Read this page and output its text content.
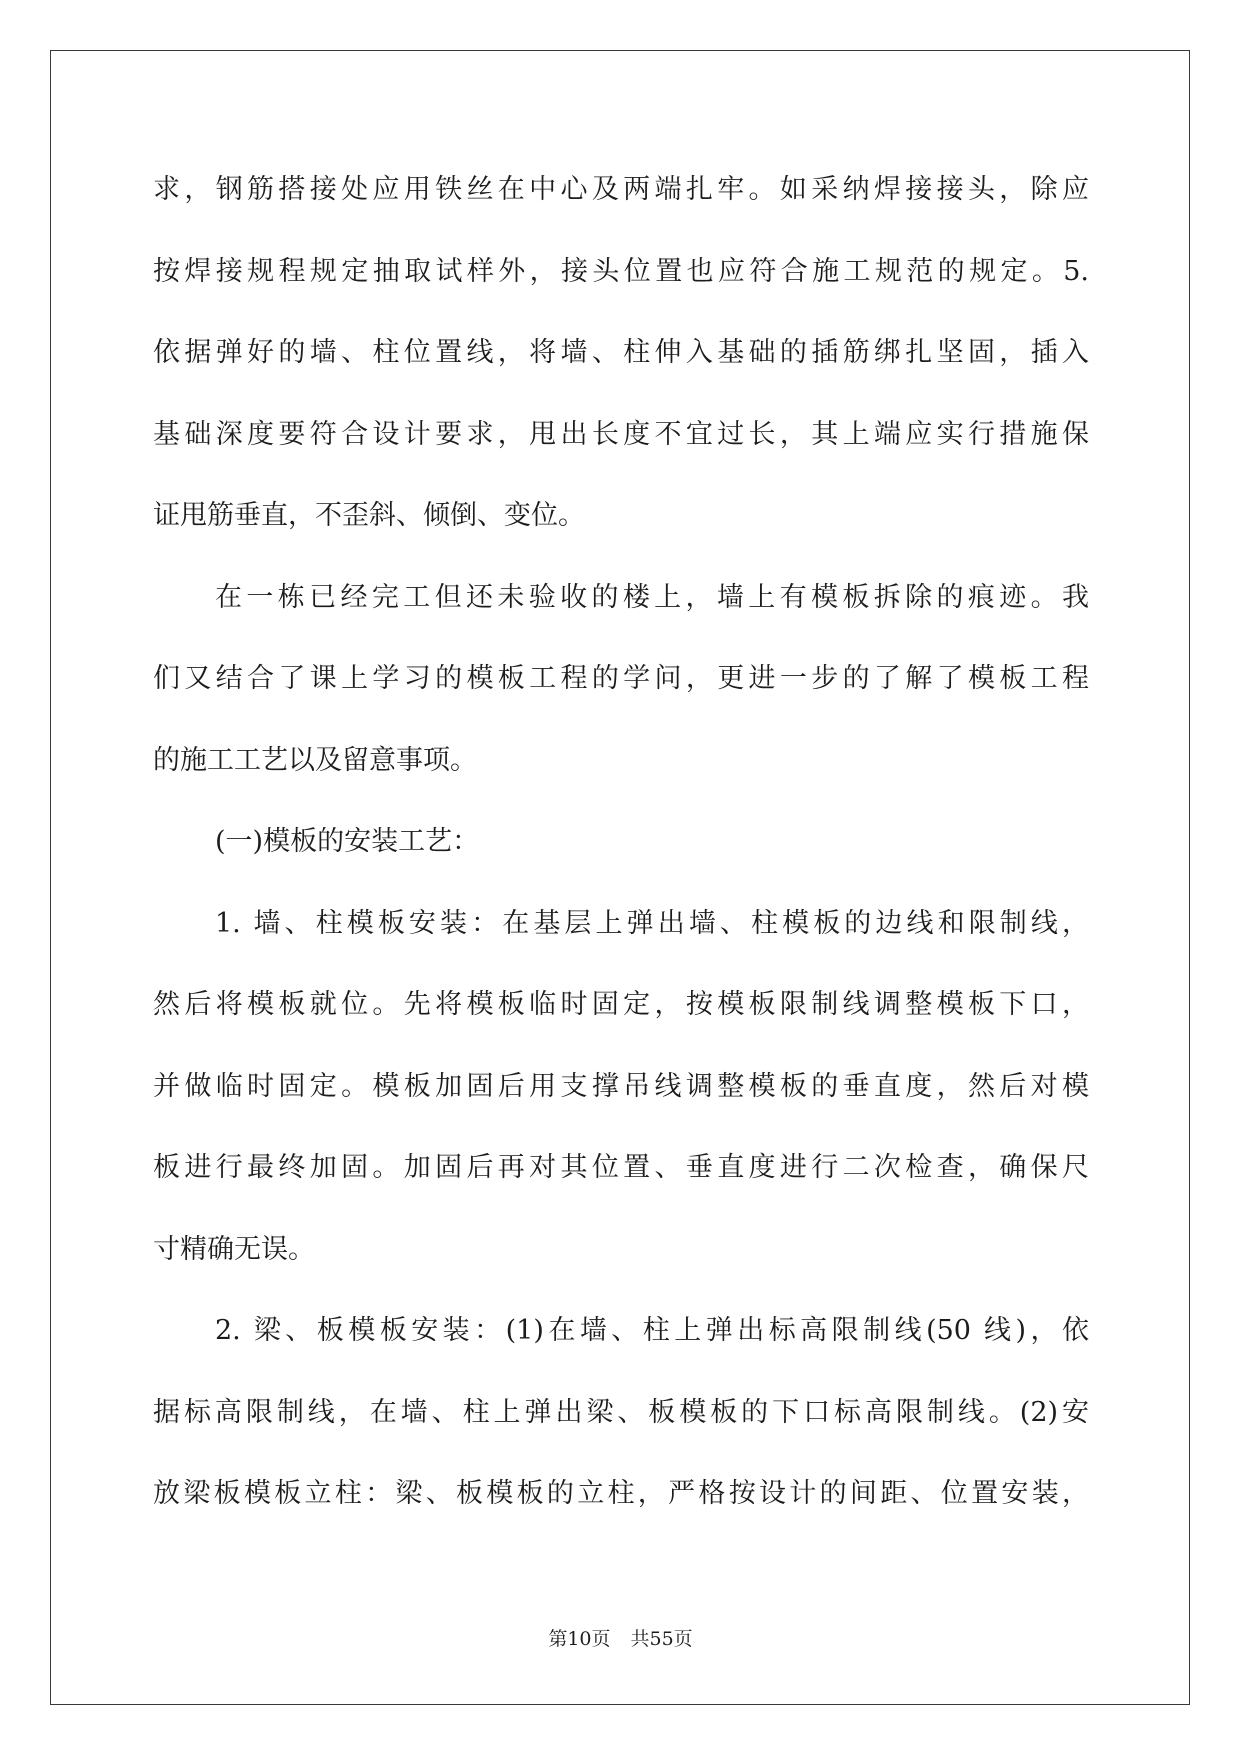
求，钢筋搭接处应用铁丝在中心及两端扎牢。如采纳焊接接头，除应
按焊接规程规定抽取试样外，接头位置也应符合施工规范的规定。5.
依据弹好的墙、柱位置线，将墙、柱伸入基础的插筋绑扎坚固，插入
基础深度要符合设计要求，甩出长度不宜过长，其上端应实行措施保
证甩筋垂直，不歪斜、倾倒、变位。
在一栋已经完工但还未验收的楼上，墙上有模板拆除的痕迹。我
们又结合了课上学习的模板工程的学问，更进一步的了解了模板工程
的施工工艺以及留意事项。
(一)模板的安装工艺：
1. 墙、柱模板安装：在基层上弹出墙、柱模板的边线和限制线，
然后将模板就位。先将模板临时固定，按模板限制线调整模板下口，
并做临时固定。模板加固后用支撑吊线调整模板的垂直度，然后对模
板进行最终加固。加固后再对其位置、垂直度进行二次检查，确保尺
寸精确无误。
2. 梁、板模板安装：(1)在墙、柱上弹出标高限制线(50 线)，依
据标高限制线，在墙、柱上弹出梁、板模板的下口标高限制线。(2)安
放梁板模板立柱：梁、板模板的立柱，严格按设计的间距、位置安装，
第10页 共55页
